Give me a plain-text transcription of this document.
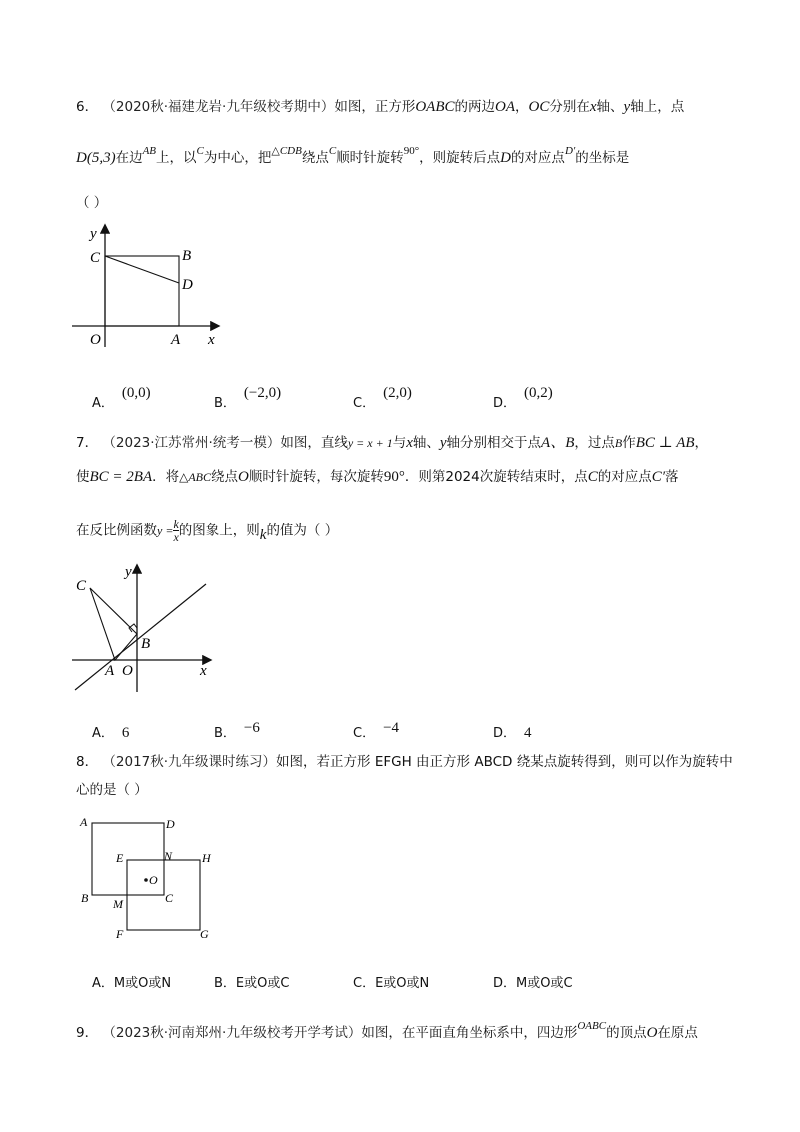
6． （2020秋·福建龙岩·九年级校考期中）如图，正方形OABC的两边OA，OC分别在x轴、y轴上，点
D(5,3)在边$^{AB}$上，以$^C$为中心，把$^{\triangle CDB}$绕点$^C$顺时针旋转$^{90^\circ}$，则旋转后点D的对应点$^{D'}$的坐标是
（ ）
y
C	B
D
O	A x
A．(0,0)
B．(−2,0)
C．(2,0)
D．(0,2)
7． （2023·江苏常州·统考一模）如图，直线y = x + 1与x轴、y轴分别相交于点A、B，过点B作BC ⊥ AB，
使BC = 2BA．将△ABC绕点O顺时针旋转，每次旋转90°．则第2024次旋转结束时，点C的对应点C′落
在反比例函数$y = \frac{k}{x}$ 的图象上，则k的值为（ ）
C
y
B
A O	x
A． 6	B． −6	C． −4	D． 4
8． （2017秋·九年级课时练习）如图，若正方形 EFGH 由正方形 ABCD 绕某点旋转得到，则可以作为旋转中
心的是（ ）
A	D
E	N H
O
B M	C
F	G
A．M或O或N	B．E或O或C	C．E或O或N	D．M或O或C
9． （2023秋·河南郑州·九年级校考开学考试）如图，在平面直角坐标系中，四边形$^{OABC}$的顶点O在原点
